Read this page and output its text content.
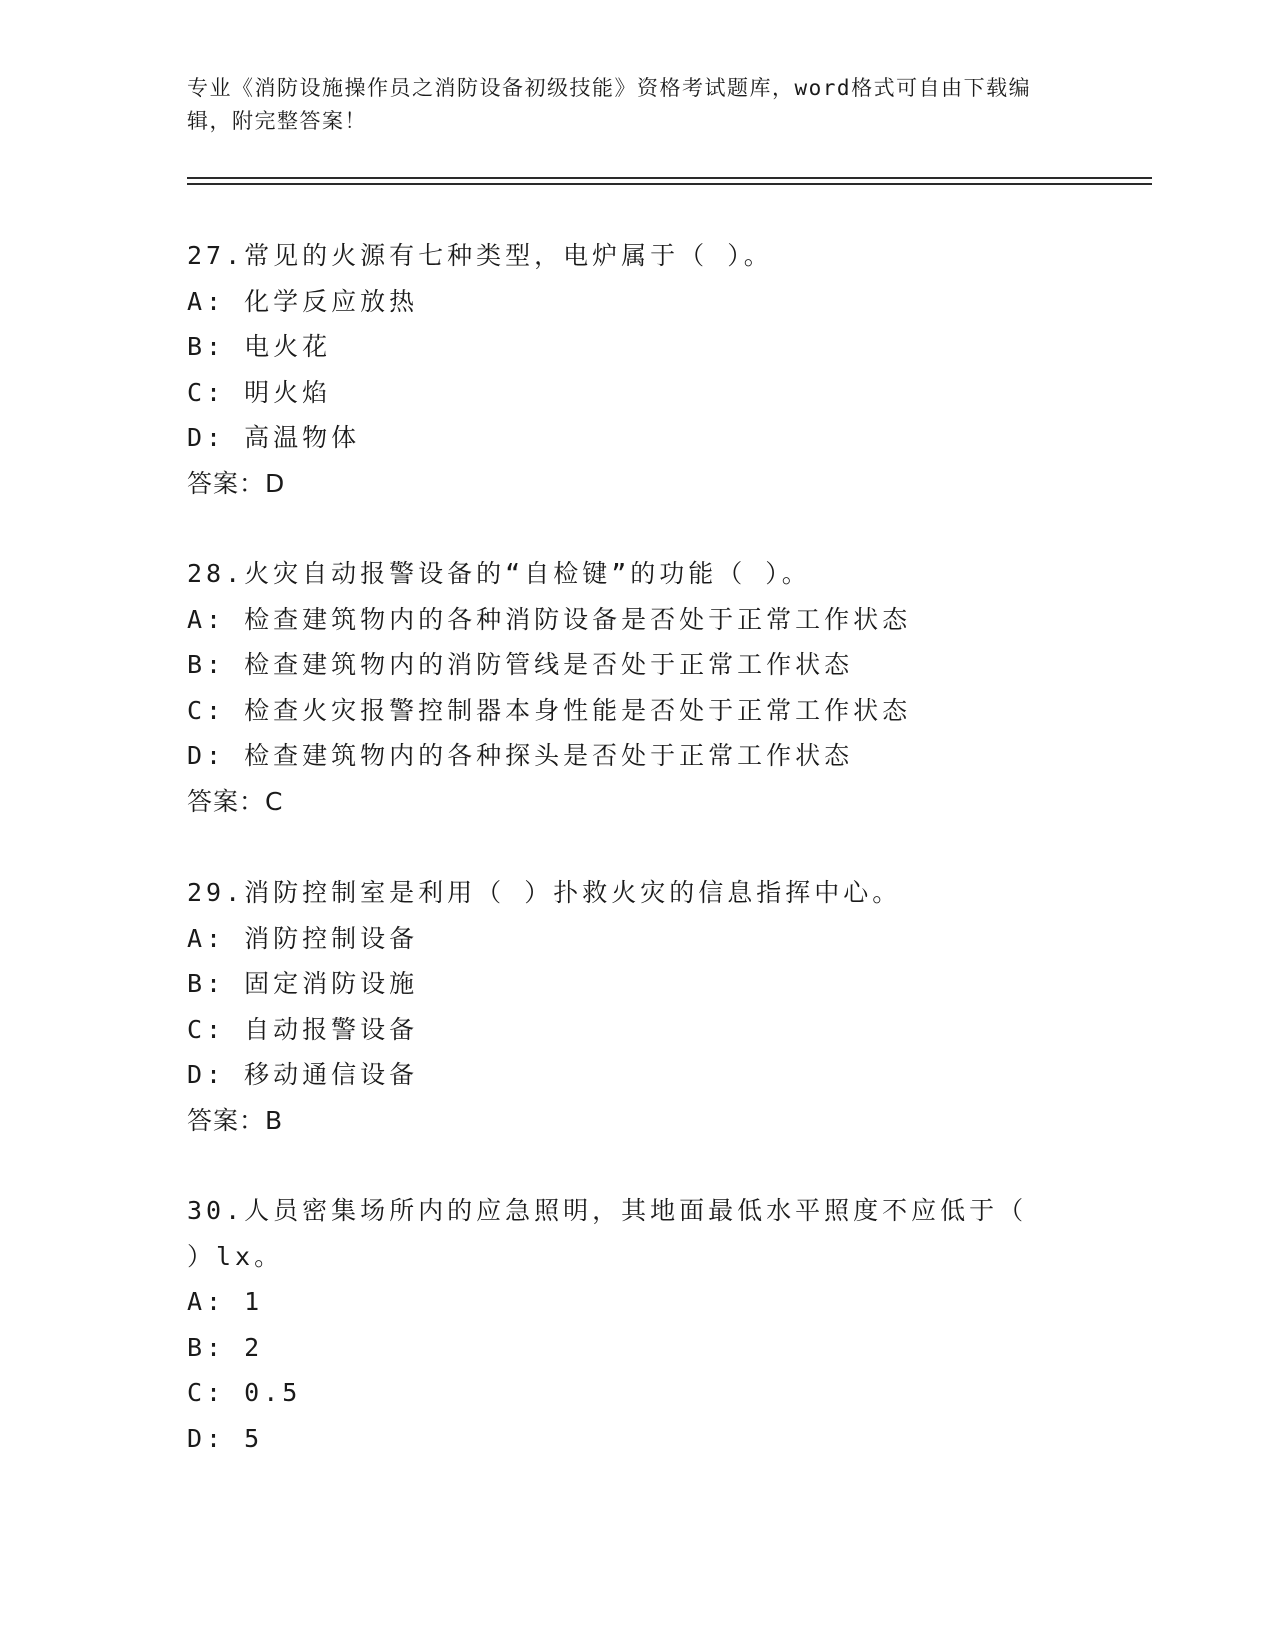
专业《消防设施操作员之消防设备初级技能》资格考试题库，word格式可自由下载编辑，附完整答案！
27.常见的火源有七种类型，电炉属于（ ）。
A: 化学反应放热
B: 电火花
C: 明火焰
D: 高温物体
答案：D
28.火灾自动报警设备的“自检键”的功能（ ）。
A: 检查建筑物内的各种消防设备是否处于正常工作状态
B: 检查建筑物内的消防管线是否处于正常工作状态
C: 检查火灾报警控制器本身性能是否处于正常工作状态
D: 检查建筑物内的各种探头是否处于正常工作状态
答案：C
29.消防控制室是利用（ ）扑救火灾的信息指挥中心。
A: 消防控制设备
B: 固定消防设施
C: 自动报警设备
D: 移动通信设备
答案：B
30.人员密集场所内的应急照明，其地面最低水平照度不应低于（ ）lx。
A: 1
B: 2
C: 0.5
D: 5
